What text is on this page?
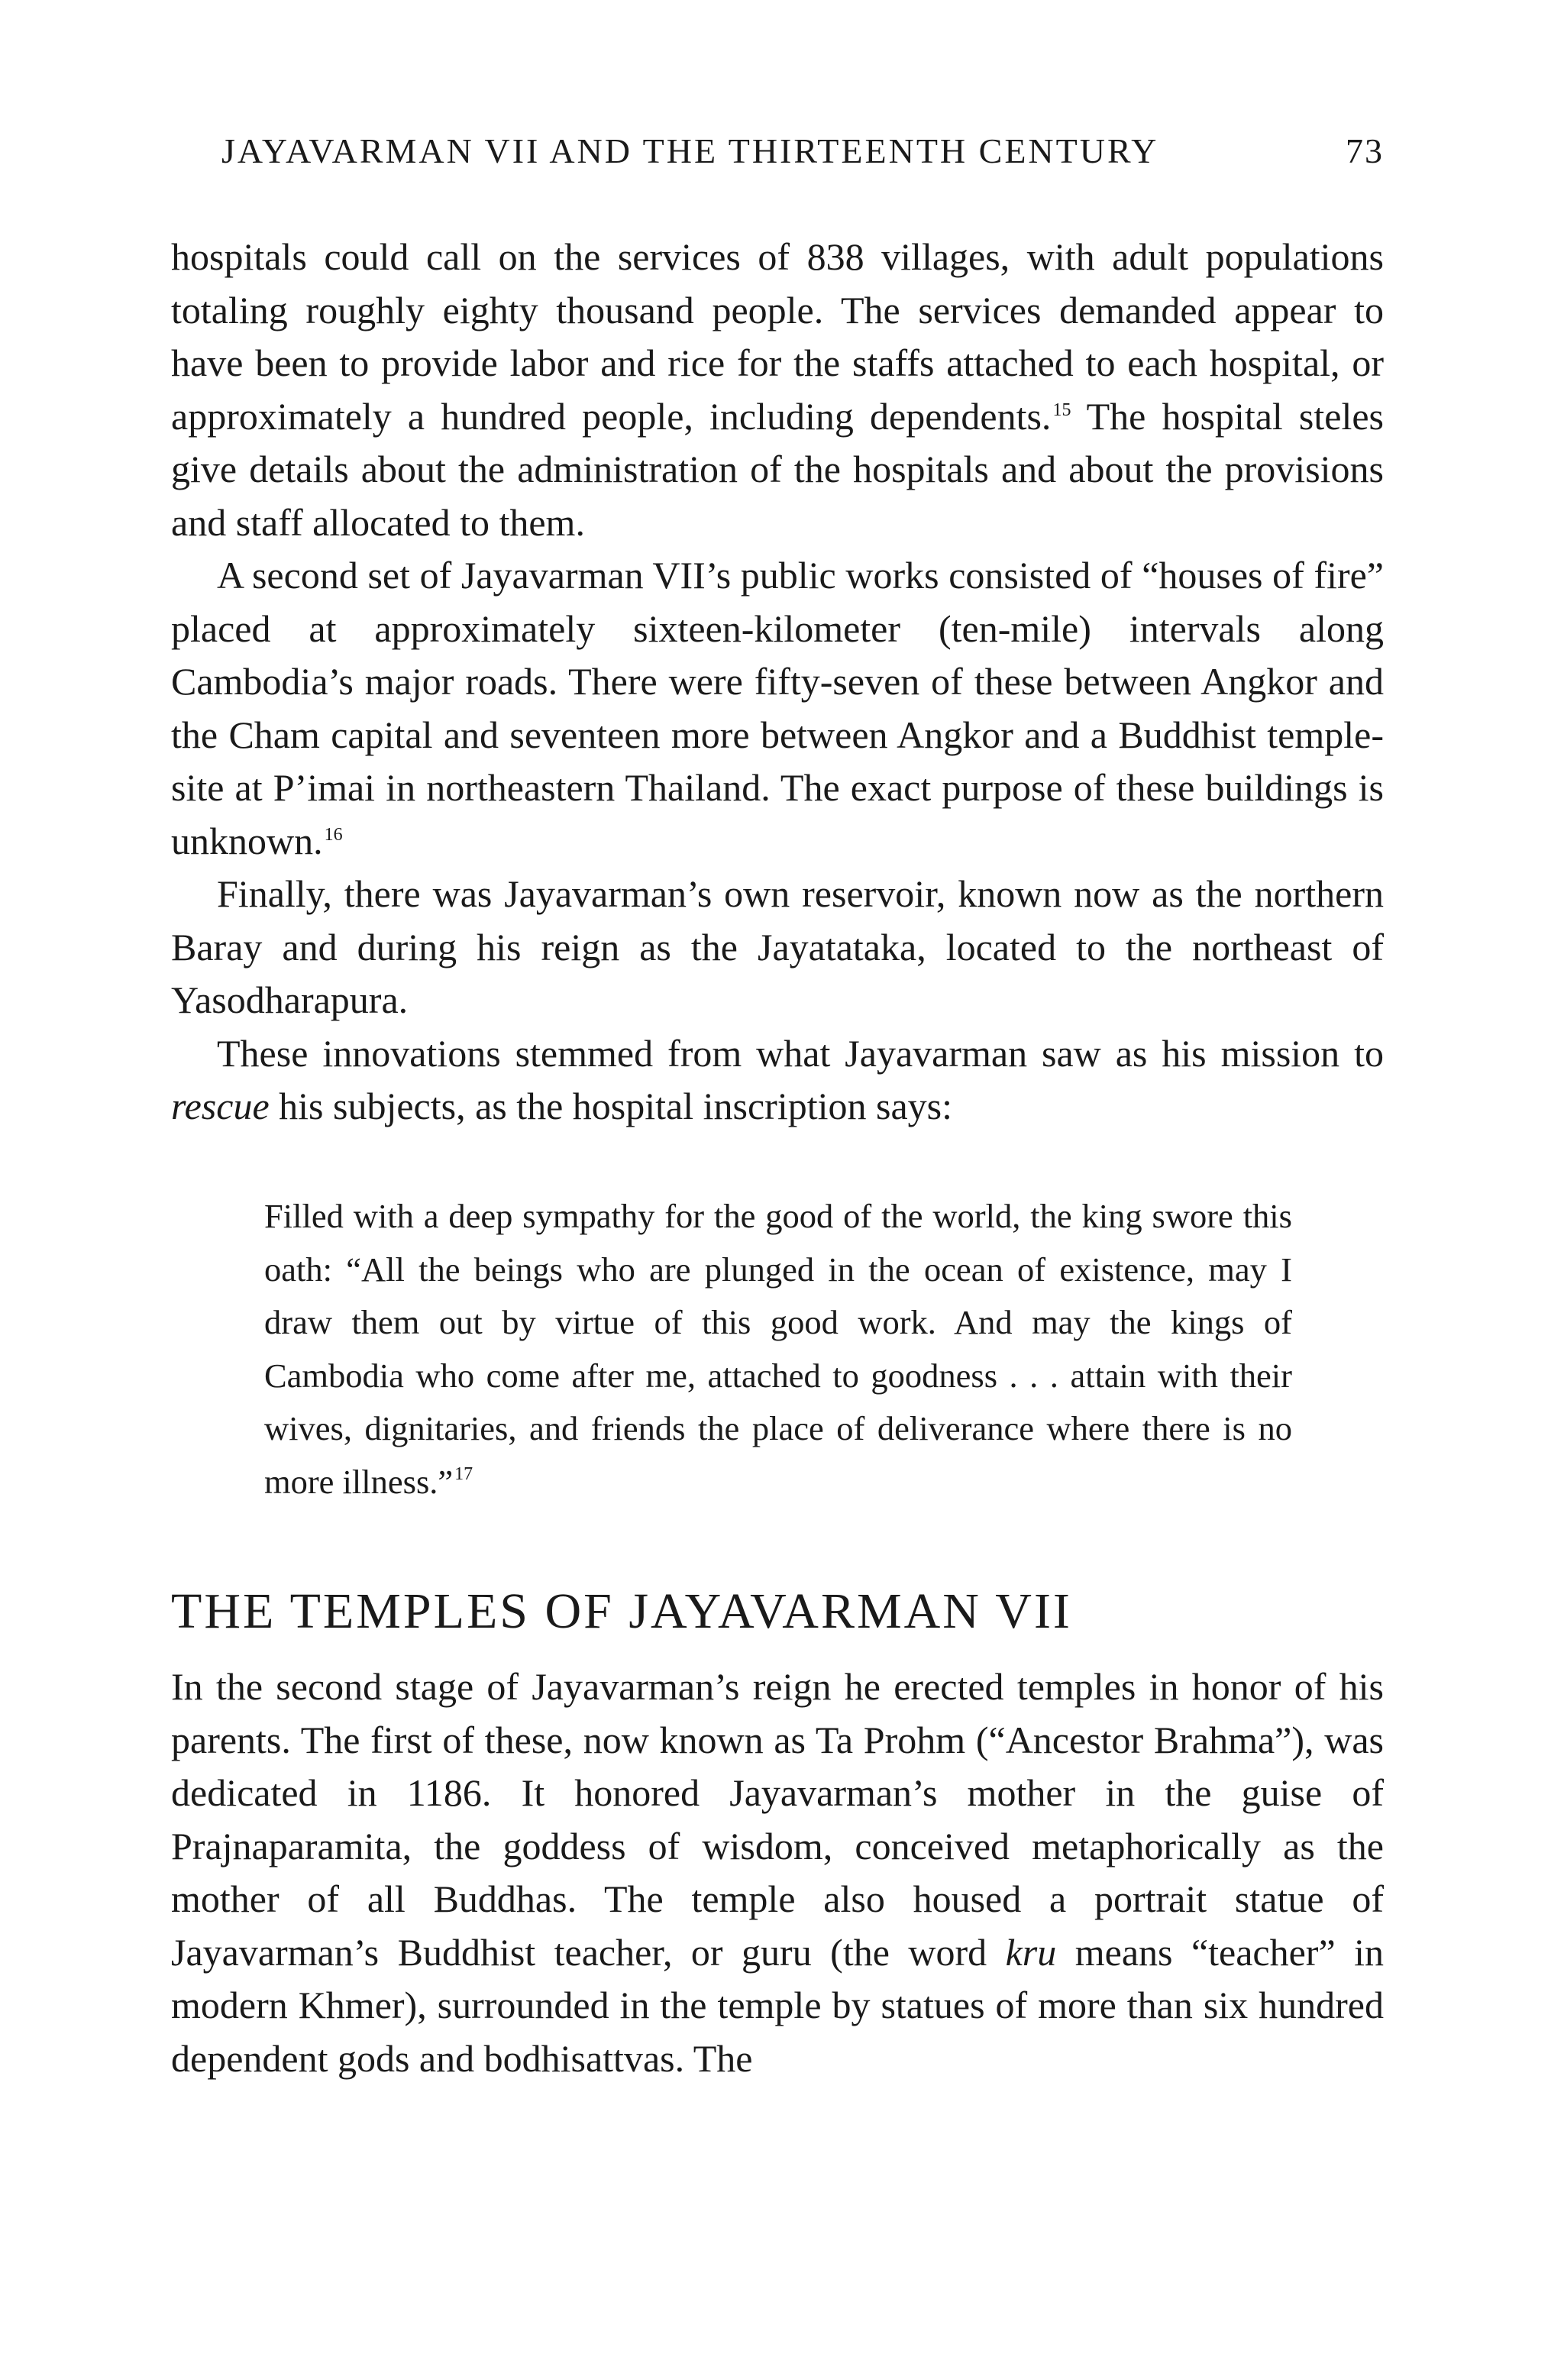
JAYAVARMAN VII AND THE THIRTEENTH CENTURY	73

hospitals could call on the services of 838 villages, with adult populations totaling roughly eighty thousand people. The services demanded appear to have been to provide labor and rice for the staffs attached to each hospital, or approximately a hundred people, including dependents.$^{15}$ The hospital steles give details about the administration of the hospitals and about the provisions and staff allocated to them.

A second set of Jayavarman VII’s public works consisted of “houses of fire” placed at approximately sixteen-kilometer (ten-mile) intervals along Cambodia’s major roads. There were fifty-seven of these between Angkor and the Cham capital and seventeen more between Angkor and a Buddhist temple-site at P’imai in northeastern Thailand. The exact purpose of these buildings is unknown.$^{16}$

Finally, there was Jayavarman’s own reservoir, known now as the northern Baray and during his reign as the Jayatataka, located to the northeast of Yasodharapura.

These innovations stemmed from what Jayavarman saw as his mission to rescue his subjects, as the hospital inscription says:

Filled with a deep sympathy for the good of the world, the king swore this oath: “All the beings who are plunged in the ocean of existence, may I draw them out by virtue of this good work. And may the kings of Cambodia who come after me, attached to goodness . . . attain with their wives, dignitaries, and friends the place of deliverance where there is no more illness.”$^{17}$

THE TEMPLES OF JAYAVARMAN VII

In the second stage of Jayavarman’s reign he erected temples in honor of his parents. The first of these, now known as Ta Prohm (“Ancestor Brahma”), was dedicated in 1186. It honored Jayavarman’s mother in the guise of Prajnaparamita, the goddess of wisdom, conceived metaphorically as the mother of all Buddhas. The temple also housed a portrait statue of Jayavarman’s Buddhist teacher, or guru (the word kru means “teacher” in modern Khmer), surrounded in the temple by statues of more than six hundred dependent gods and bodhisattvas. The
